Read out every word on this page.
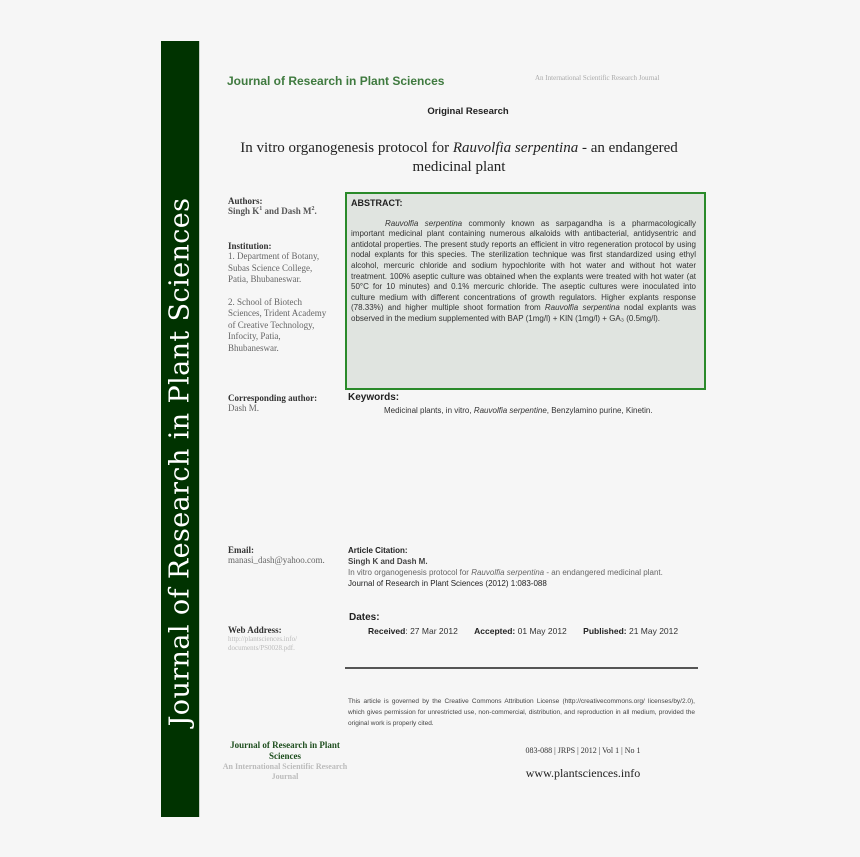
Journal of Research in Plant Sciences
Journal of Research in Plant Sciences	An International Scientific Research Journal
Original Research
In vitro organogenesis protocol for Rauvolfia serpentina - an endangered medicinal plant
Authors:
Singh $K^1$ and Dash $M^2$.
Institution:
1. Department of Botany, Subas Science College, Patia, Bhubaneswar.
2. School of Biotech Sciences, Trident Academy of Creative Technology, Infocity, Patia, Bhubaneswar.
Corresponding author:
Dash M.
Email:
manasi_dash@yahoo.com.
Web Address:
http://plantsciences.info/ documents/PS0028.pdf.
ABSTRACT:

Rauvolfia serpentina commonly known as sarpagandha is a pharmacologically important medicinal plant containing numerous alkaloids with antibacterial, antidysentric and antidotal properties. The present study reports an efficient in vitro regeneration protocol by using nodal explants for this species. The sterilization technique was first standardized using ethyl alcohol, mercuric chloride and sodium hypochlorite with hot water and without hot water treatment. 100% aseptic culture was obtained when the explants were treated with hot water (at 50°C for 10 minutes) and 0.1% mercuric chloride. The aseptic cultures were inoculated into culture medium with different concentrations of growth regulators. Higher explants response (78.33%) and higher multiple shoot formation from Rauvolfia serpentina nodal explants was observed in the medium supplemented with BAP (1mg/l) + KIN (1mg/l) + GA₃ (0.5mg/l).

Keywords:
Medicinal plants, in vitro, Rauvolfia serpentine, Benzylamino purine, Kinetin.
Article Citation:
Singh K and Dash M.
In vitro organogenesis protocol for Rauvolfia serpentina - an endangered medicinal plant.
Journal of Research in Plant Sciences (2012) 1:083-088
Dates:
Received: 27 Mar 2012 Accepted: 01 May 2012 Published: 21 May 2012
This article is governed by the Creative Commons Attribution License (http://creativecommons.org/ licenses/by/2.0), which gives permission for unrestricted use, non-commercial, distribution, and reproduction in all medium, provided the original work is properly cited.
Journal of Research in Plant Sciences
An International Scientific Research Journal
083-088 | JRPS | 2012 | Vol 1 | No 1
www.plantsciences.info
